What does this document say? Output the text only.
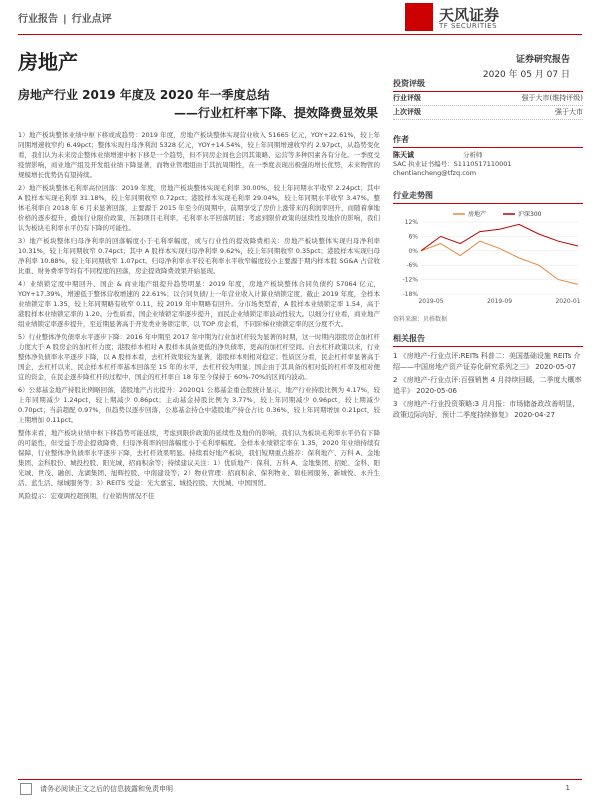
行业报告 | 行业点评	天风证券
TF SECURITIES
房地产	证券研究报告
2020 年 05 月 07 日
房地产行业 2019 年度及 2020 年一季度总结
——行业杠杆率下降、提效降费显效果

1）地产板块整体业绩中枢下移或成趋势：2019 年度，房地产板块整体实现营业收入 51665 亿元，YOY+22.61%，较上年同期增速收窄约 6.49pct；整体实现归母净利润 5328 亿元，YOY+14.54%，较上年同期增速收窄约 2.97pct，从趋势变化看，我们认为未来房企整体业绩增速中枢下移是一个趋势，但不同房企间也会因其策略、运营等多种因素各有分化。一季度受疫情影响，商业地产组及开发组业绩下降显著，而物业管理组由于其抗周期性，在一季度表现出极强的增长优势，未来物管的规模增长优势仍有望持续。

2）地产板块整体毛利率高位回落：2019 年度，房地产板块整体实现毛利率 30.00%，较上年同期水平收窄 2.24pct；其中 A 股样本实现毛利率 31.18%，较上年同期收窄 0.72pct；港股样本实现毛利率 29.04%，较上年同期水平收窄 3.47%。整体毛利率自 2018 年 6 月来显著回落，主要源于 2015 年至今的周期中，前期享受了房价上涨带来的利润率回升，而随着拿地价格的逐步提升，叠加行业限价政策，压制项目毛利率，毛利率水平回落明显；考虑到限价政策的延续性及地价的影响，我们认为板块毛利率水平仍有下降的可能性。

3）地产板块整体归母净利率的回落幅度小于毛利率幅度，或与行业性的提效降费相关：房地产板块整体实现归母净利率 10.31%，较上年同期收窄 0.74pct；其中 A 股样本实现归母净利率 9.62%，较上年同期收窄 0.35pct；港股样本实现归母净利率 10.88%，较上年同期收窄 1.07pct。归母净利率水平较毛利率水平收窄幅度较小主要源于期内样本股 SG&A 占营收比重、财务费率等均有不同程度的回落，房企提效降费效果开始显现。

4）业绩锁定度中期回升、国企 & 商业地产组提升趋势明显：2019 年度，房地产板块整体合同负债约 57064 亿元，YOY+17.39%，增速低于整体营收增速的 22.61%；以合同负债/上一年营业收入计算业绩锁定度，截止 2019 年度，全样本业绩锁定率 1.35，较上年同期略有收窄 0.11，较 2019 年中期略有回升。分市场类型看，A 股样本业绩锁定率 1.54，高于港股样本业绩锁定率的 1.20。分性质看，国企业绩锁定率逐步提升，而民企业绩锁定率波动性较大。以细分行业看，商业地产组业绩锁定率逐步提升，至近期显著高于开发类业务锁定率，以 TOP 房企看，不同阶梯业绩锁定率的区分度不大。

5）行业整体净负债率水平逐步下降：2016 年中期至 2017 年中期为行业加杠杆较为显著的时期，这一时期内港股房企加杠杆力度大于 A 股房企的加杠杆力度；港股样本相对 A 股样本具备更低的净负债率，更高的加杠杆空间。自去杠杆政策以来，行业整体净负债率水平逐步下降，以 A 股样本看，去杠杆效果较为显著，港股样本则相对稳定；性质区分看，民企杠杆率显著高于国企，去杠杆以来，民企样本杠杆率基本回落至 15 年的水平，去杠杆较为明显；国企由于其具备的相对低的杠杆率及相对便宜的资金，在民企逐步降杠杆的过程中，国企的杠杆率自 18 年至今保持于 60%-70%的区间内波动。

6）公募基金地产持股比例略回落，港股地产占比提升：2020Q1 公募基金重仓股统计显示，地产行业持股比例为 4.17%，较上年同期减少 1.24pct，较上期减少 0.86pct；主动基金持股比例为 3.77%，较上年同期减少 0.96pct，较上期减少 0.70pct；当前超配 0.97%，但趋势以逐步回落，公募基金持仓中港股地产持仓占比 0.36%，较上年同期增加 0.21pct，较上期增加 0.11pct。

整体来看，地产板块业绩中枢下移趋势可能延续，考虑到限价政策的延续性及地价的影响，我们认为板块毛利率水平仍有下降的可能性，但受益于房企提效降费，归母净利率的回落幅度小于毛利率幅度。全样本业绩锁定率在 1.35，2020 年业绩持续有保障，行业整体净负债率水平逐步下降，去杠杆效果明显。持续看好地产板块，我们短期重点推荐：保利地产、万科 A、金地集团、金科股份、城投控股、阳光城、招商积余等；持续建议关注：1）优质地产：保利、万科 A、金地集团、招蛇、金科、阳光城、世茂、融创、龙湖集团、旭辉控股、中南建设等；2）物业管理：招商积余、保利物业、碧桂园服务、新城悦、永升生活、蓝生活、绿城服务等；3）REITS 受益：光大嘉宝、城投控股、大悦城、中国国贸。

风险提示：宏观调控超预期，行业销售情况不佳

投资评级
行业评级	强于大市(维持评级)
上次评级	强于大市
作者
陈天诚	分析师
SAC 执业证书编号：S1110517110001
chentiancheng@tfzq.com
行业走势图
12%
6%
0%
-6%
-12%
-18%
2019-05	2019-09	2020-01
房地产	沪深300
资料来源：贝格数据
相关报告
1 《房地产-行业点评:REITs 科普二：美国基础设施 REITs 介绍——中国房地产资产证券化研究系列之三》 2020-05-07
2 《房地产-行业点评:百强销售 4 月持续回暖，二季度大概率追平》 2020-05-06
3 《房地产-行业投资策略:3 月月报：市场储备政改善明显，政策边际向好，预计二季度持续修复》 2020-04-27
请务必阅读正文之后的信息披露和免责申明	1
